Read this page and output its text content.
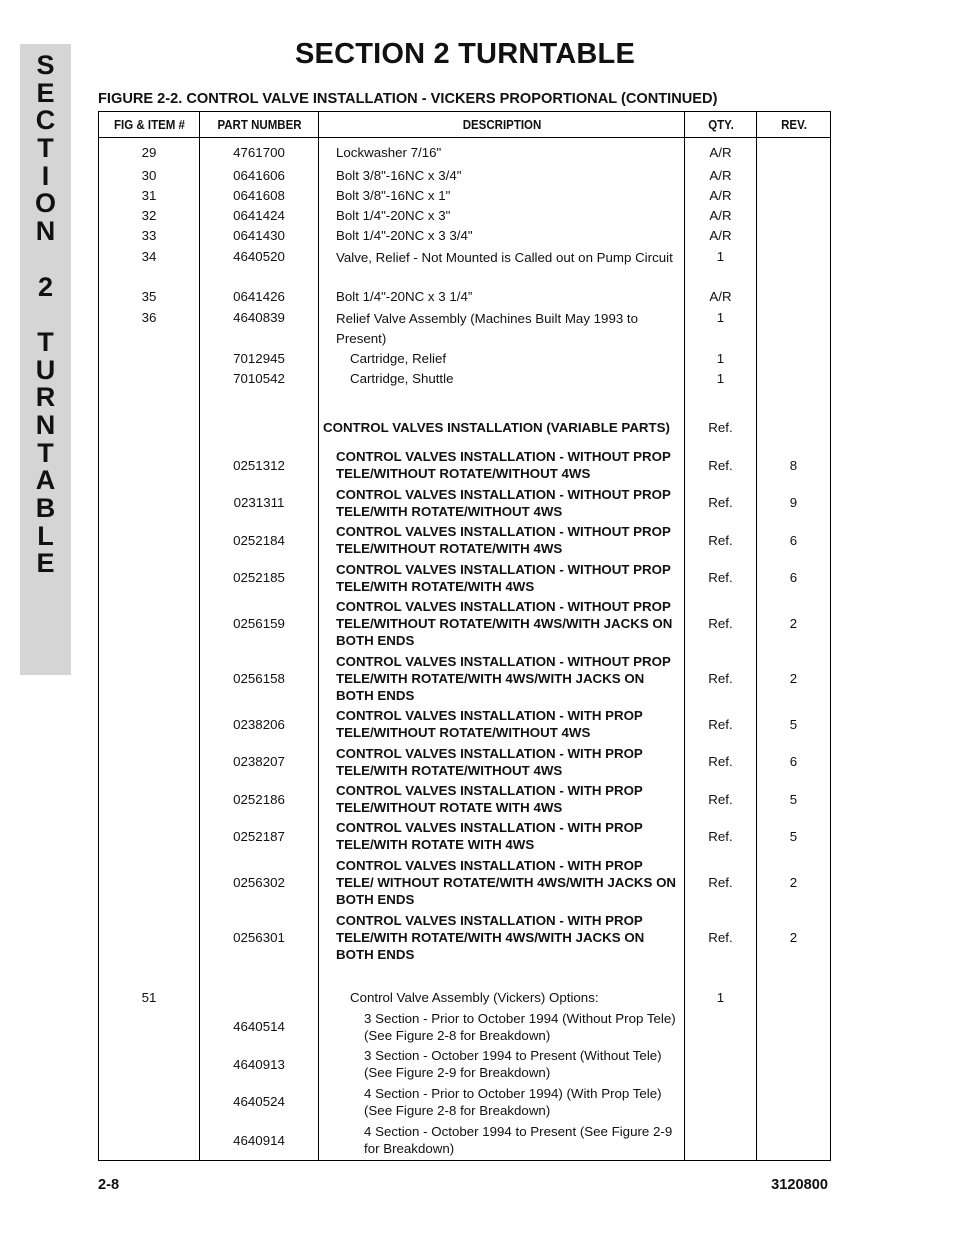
S
E
C
T
I
O
N
2
T
U
R
N
T
A
B
L
E
SECTION 2 TURNTABLE
FIGURE 2-2. CONTROL VALVE INSTALLATION - VICKERS PROPORTIONAL (CONTINUED)
FIG & ITEM #	PART NUMBER	DESCRIPTION	QTY.	REV.
29	4761700	Lockwasher 7/16"	A/R	
30	0641606	Bolt 3/8"-16NC x 3/4"	A/R	
31	0641608	Bolt 3/8"-16NC x 1"	A/R	
32	0641424	Bolt 1/4"-20NC x 3"	A/R	
33	0641430	Bolt 1/4"-20NC x 3 3/4"	A/R	
34	4640520	Valve, Relief - Not Mounted is Called out on Pump Circuit	1	
35	0641426	Bolt 1/4"-20NC x 3 1/4”	A/R	
36	4640839	Relief Valve Assembly (Machines Built May 1993 to Present)	1	
	7012945	Cartridge, Relief	1	
	7010542	Cartridge, Shuttle	1	
		CONTROL VALVES INSTALLATION (VARIABLE PARTS)	Ref.	
	0251312	CONTROL VALVES INSTALLATION - WITHOUT PROP TELE/WITHOUT ROTATE/WITHOUT 4WS	Ref.	8
	0231311	CONTROL VALVES INSTALLATION - WITHOUT PROP TELE/WITH ROTATE/WITHOUT 4WS	Ref.	9
	0252184	CONTROL VALVES INSTALLATION - WITHOUT PROP TELE/WITHOUT ROTATE/WITH 4WS	Ref.	6
	0252185	CONTROL VALVES INSTALLATION - WITHOUT PROP TELE/WITH ROTATE/WITH 4WS	Ref.	6
	0256159	CONTROL VALVES INSTALLATION - WITHOUT PROP TELE/WITHOUT ROTATE/WITH 4WS/WITH JACKS ON BOTH ENDS	Ref.	2
	0256158	CONTROL VALVES INSTALLATION - WITHOUT PROP TELE/WITH ROTATE/WITH 4WS/WITH JACKS ON BOTH ENDS	Ref.	2
	0238206	CONTROL VALVES INSTALLATION - WITH PROP TELE/WITHOUT ROTATE/WITHOUT 4WS	Ref.	5
	0238207	CONTROL VALVES INSTALLATION - WITH PROP TELE/WITH ROTATE/WITHOUT 4WS	Ref.	6
	0252186	CONTROL VALVES INSTALLATION - WITH PROP TELE/WITHOUT ROTATE WITH 4WS	Ref.	5
	0252187	CONTROL VALVES INSTALLATION - WITH PROP TELE/WITH ROTATE WITH 4WS	Ref.	5
	0256302	CONTROL VALVES INSTALLATION - WITH PROP TELE/ WITHOUT ROTATE/WITH 4WS/WITH JACKS ON BOTH ENDS	Ref.	2
	0256301	CONTROL VALVES INSTALLATION - WITH PROP TELE/WITH ROTATE/WITH 4WS/WITH JACKS ON BOTH ENDS	Ref.	2
51		Control Valve Assembly (Vickers) Options:	1	
	4640514	3 Section - Prior to October 1994 (Without Prop Tele) (See Figure 2-8 for Breakdown)		
	4640913	3 Section - October 1994 to Present (Without Tele) (See Figure 2-9 for Breakdown)		
	4640524	4 Section - Prior to October 1994) (With Prop Tele) (See Figure 2-8 for Breakdown)		
	4640914	4 Section - October 1994 to Present (See Figure 2-9 for Breakdown)		
2-8	3120800
